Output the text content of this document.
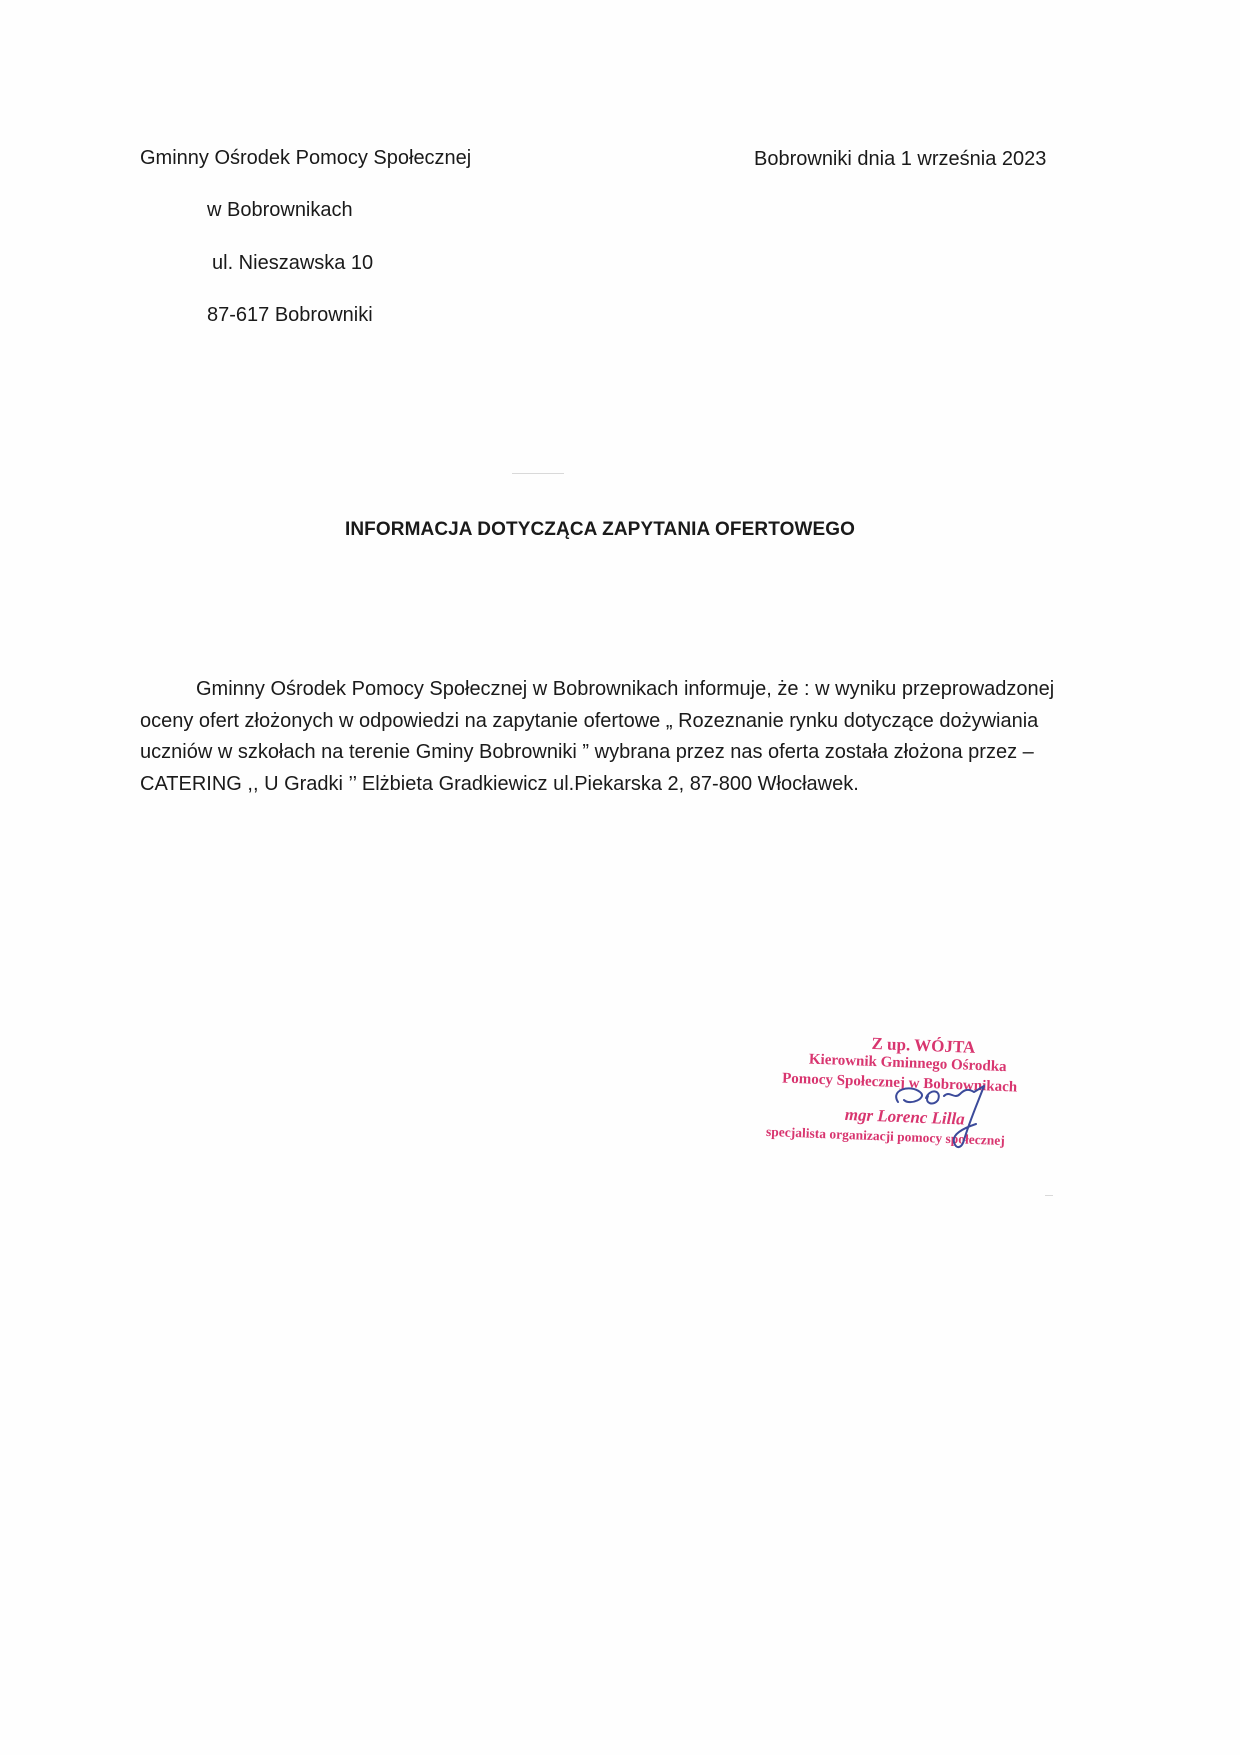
Gminny Ośrodek Pomocy Społecznej
w Bobrownikach
ul. Nieszawska 10
87-617 Bobrowniki
Bobrowniki dnia 1 września 2023
INFORMACJA DOTYCZĄCA ZAPYTANIA OFERTOWEGO
Gminny Ośrodek Pomocy Społecznej w Bobrownikach informuje, że : w wyniku przeprowadzonej oceny ofert złożonych w odpowiedzi na zapytanie ofertowe „ Rozeznanie rynku dotyczące dożywiania uczniów w szkołach na terenie Gminy Bobrowniki ” wybrana przez nas oferta została złożona przez – CATERING ,, U Gradki ’’ Elżbieta Gradkiewicz ul.Piekarska 2, 87-800 Włocławek.
Z up. WÓJTA
Kierownik Gminnego Ośrodka
Pomocy Społecznej w Bobrownikach
mgr Lorenc Lilla
specjalista organizacji pomocy społecznej
